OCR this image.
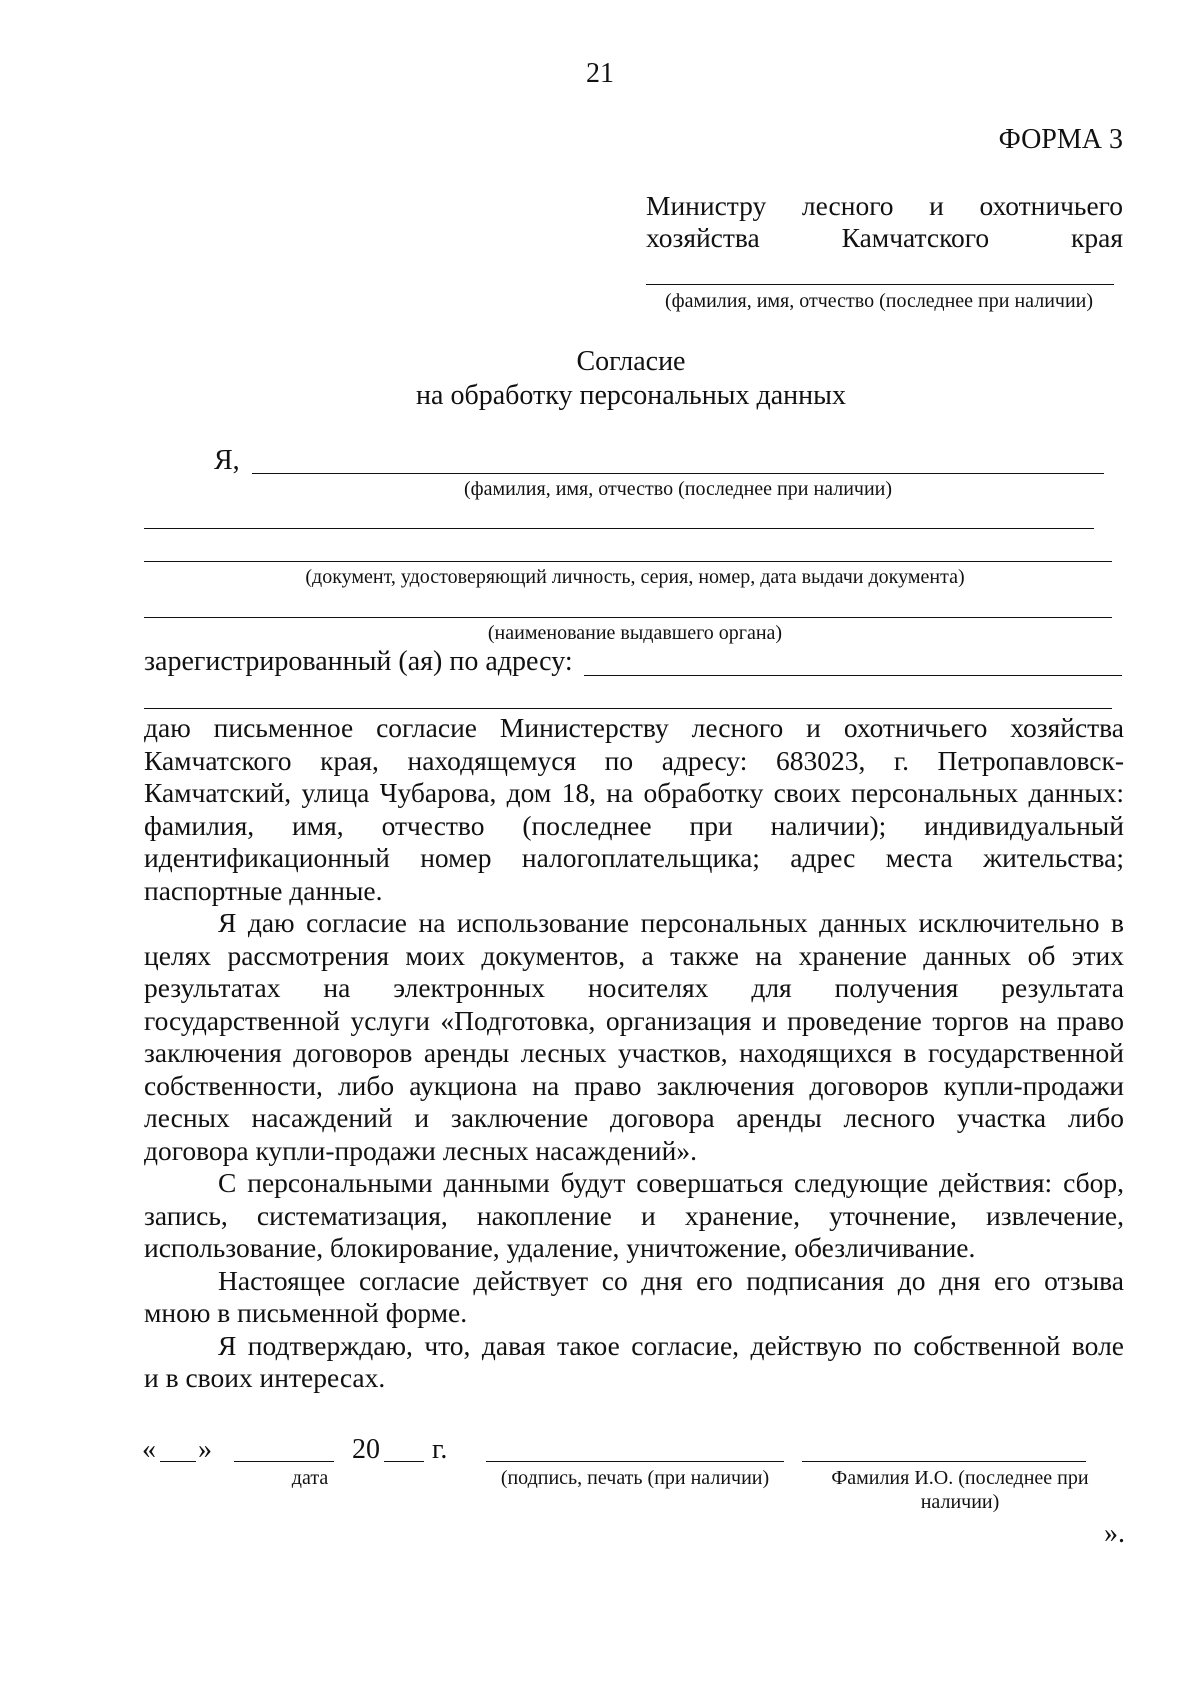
21
ФОРМА 3
Министру лесного и охотничьего
хозяйства Камчатского края
(фамилия, имя, отчество (последнее при наличии)
Согласие
на обработку персональных данных
Я,
(фамилия, имя, отчество (последнее при наличии)
(документ, удостоверяющий личность, серия, номер, дата выдачи документа)
(наименование выдавшего органа)
зарегистрированный (ая) по адресу:
даю письменное согласие Министерству лесного и охотничьего хозяйства
Камчатского края, находящемуся по адресу: 683023, г. Петропавловск-
Камчатский, улица Чубарова, дом 18, на обработку своих персональных данных:
фамилия, имя, отчество (последнее при наличии); индивидуальный
идентификационный номер налогоплательщика; адрес места жительства;
паспортные данные.
Я даю согласие на использование персональных данных исключительно в
целях рассмотрения моих документов, а также на хранение данных об этих
результатах на электронных носителях для получения результата
государственной услуги «Подготовка, организация и проведение торгов на право
заключения договоров аренды лесных участков, находящихся в государственной
собственности, либо аукциона на право заключения договоров купли-продажи
лесных насаждений и заключение договора аренды лесного участка либо
договора купли-продажи лесных насаждений».
С персональными данными будут совершаться следующие действия: сбор,
запись, систематизация, накопление и хранение, уточнение, извлечение,
использование, блокирование, удаление, уничтожение, обезличивание.
Настоящее согласие действует со дня его подписания до дня его отзыва
мною в письменной форме.
Я подтверждаю, что, давая такое согласие, действую по собственной воле
и в своих интересах.
« »	20 г.
дата	(подпись, печать (при наличии)	Фамилия И.О. (последнее при
наличии)
».
